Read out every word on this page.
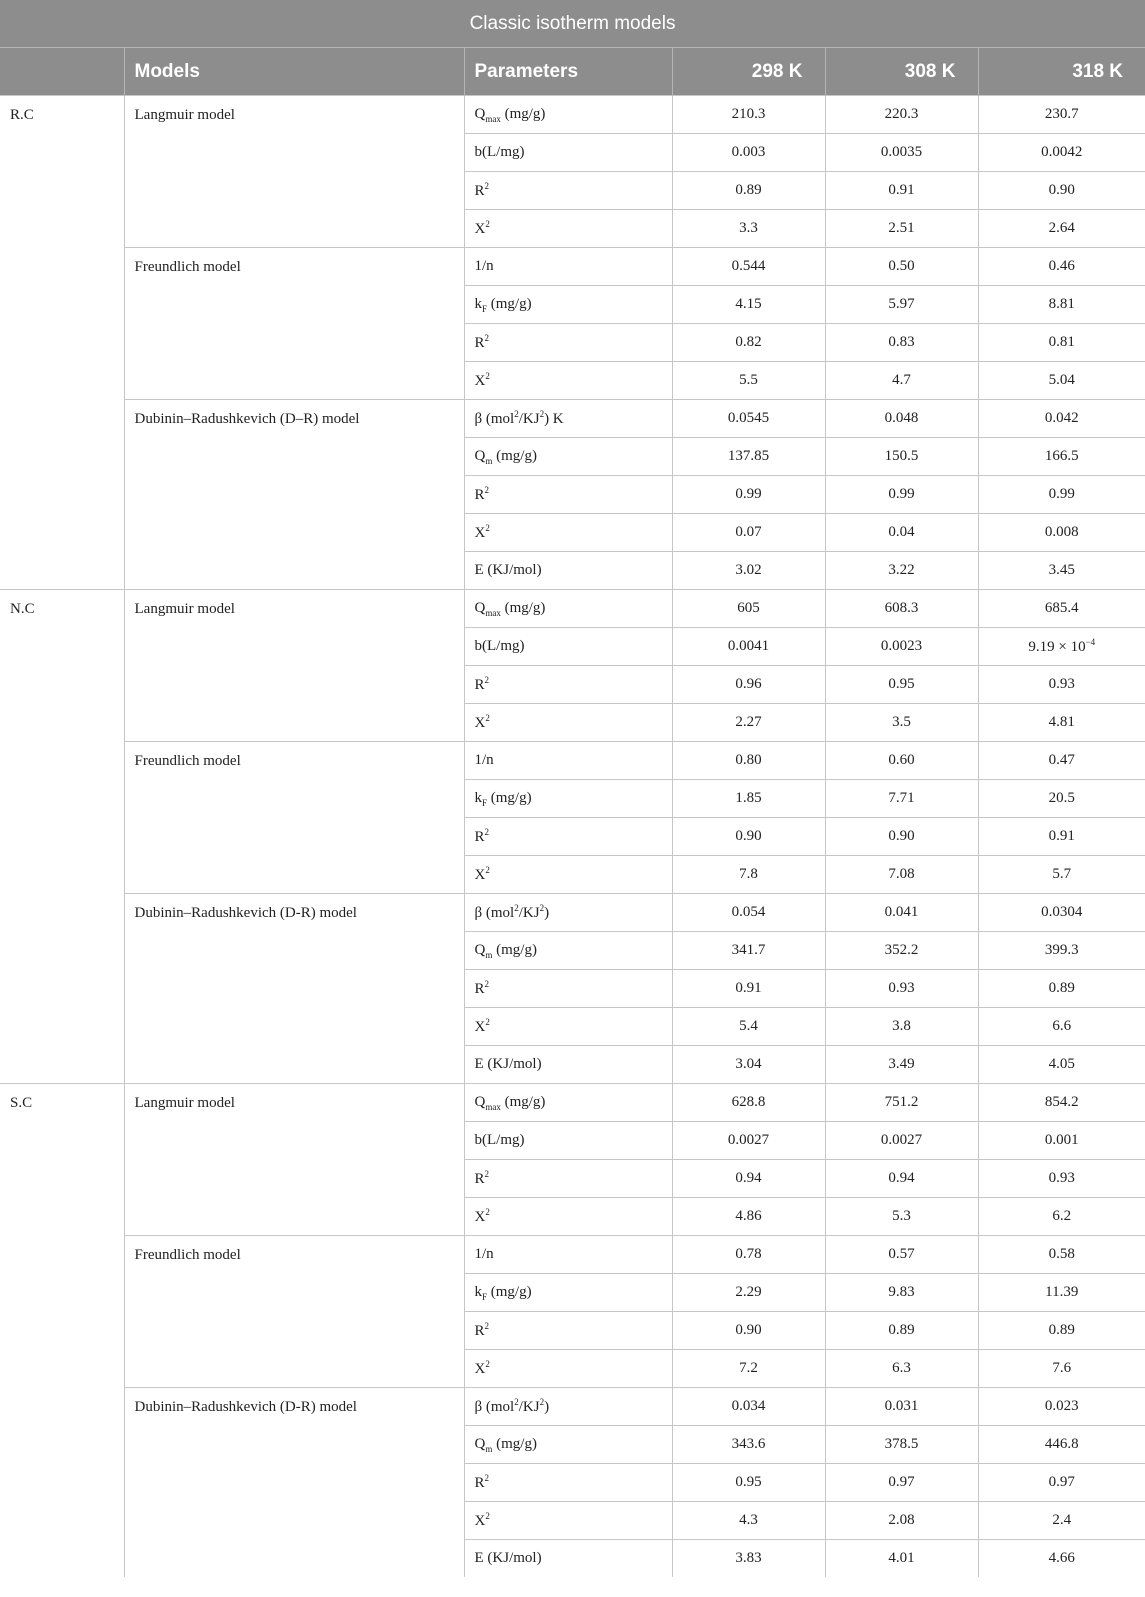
Classic isotherm models					
	Models	Parameters	298 K	308 K	318 K
R.C	Langmuir model	$Q_{max}$ (mg/g)	210.3	220.3	230.7
		b(L/mg)	0.003	0.0035	0.0042
		$R^2$	0.89	0.91	0.90
		$X^2$	3.3	2.51	2.64
	Freundlich model	1/n	0.544	0.50	0.46
		$k_F$ (mg/g)	4.15	5.97	8.81
		$R^2$	0.82	0.83	0.81
		$X^2$	5.5	4.7	5.04
	Dubinin–Radushkevich (D–R) model	β $(mol^2/KJ^2)$ K	0.0545	0.048	0.042
		$Q_m$ (mg/g)	137.85	150.5	166.5
		$R^2$	0.99	0.99	0.99
		$X^2$	0.07	0.04	0.008
		E (KJ/mol)	3.02	3.22	3.45
N.C	Langmuir model	$Q_{max}$ (mg/g)	605	608.3	685.4
		b(L/mg)	0.0041	0.0023	$9.19 \times 10^{-4}$
		$R^2$	0.96	0.95	0.93
		$X^2$	2.27	3.5	4.81
	Freundlich model	1/n	0.80	0.60	0.47
		$k_F$ (mg/g)	1.85	7.71	20.5
		$R^2$	0.90	0.90	0.91
		$X^2$	7.8	7.08	5.7
	Dubinin–Radushkevich (D-R) model	β $(mol^2/KJ^2)$	0.054	0.041	0.0304
		$Q_m$ (mg/g)	341.7	352.2	399.3
		$R^2$	0.91	0.93	0.89
		$X^2$	5.4	3.8	6.6
		E (KJ/mol)	3.04	3.49	4.05
S.C	Langmuir model	$Q_{max}$ (mg/g)	628.8	751.2	854.2
		b(L/mg)	0.0027	0.0027	0.001
		$R^2$	0.94	0.94	0.93
		$X^2$	4.86	5.3	6.2
	Freundlich model	1/n	0.78	0.57	0.58
		$k_F$ (mg/g)	2.29	9.83	11.39
		$R^2$	0.90	0.89	0.89
		$X^2$	7.2	6.3	7.6
	Dubinin–Radushkevich (D-R) model	β $(mol^2/KJ^2)$	0.034	0.031	0.023
		$Q_m$ (mg/g)	343.6	378.5	446.8
		$R^2$	0.95	0.97	0.97
		$X^2$	4.3	2.08	2.4
		E (KJ/mol)	3.83	4.01	4.66
